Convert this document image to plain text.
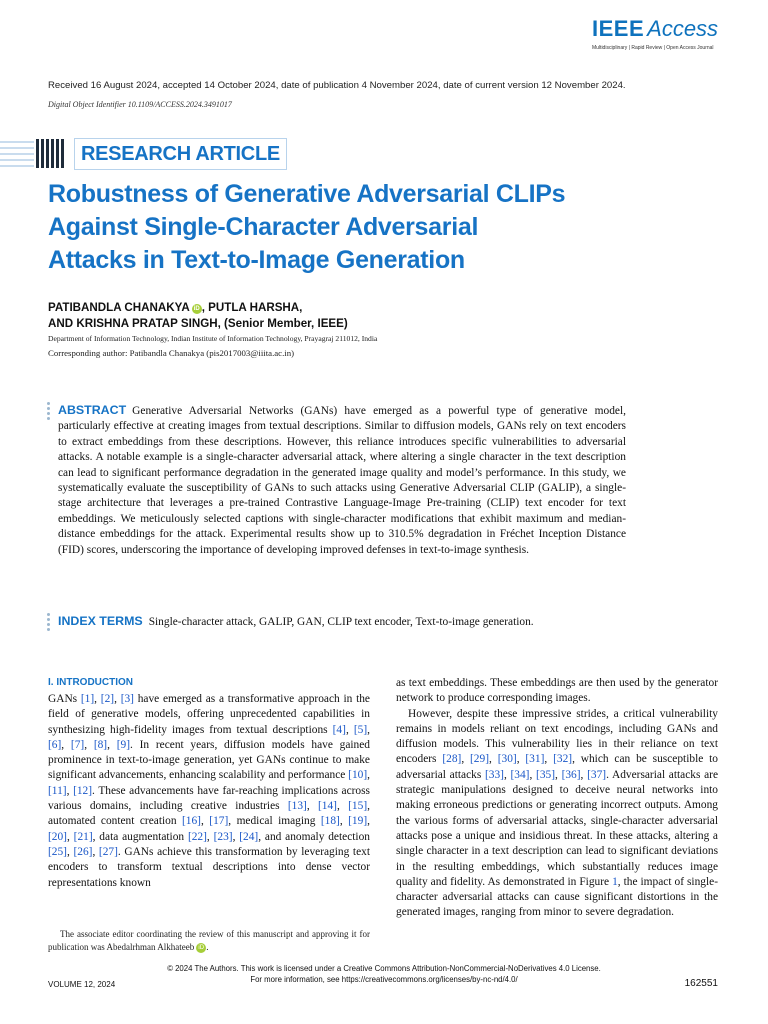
IEEE Access
Multidisciplinary | Rapid Review | Open Access Journal
Received 16 August 2024, accepted 14 October 2024, date of publication 4 November 2024, date of current version 12 November 2024.
Digital Object Identifier 10.1109/ACCESS.2024.3491017
RESEARCH ARTICLE
Robustness of Generative Adversarial CLIPs
Against Single-Character Adversarial
Attacks in Text-to-Image Generation
PATIBANDLA CHANAKYA iD , PUTLA HARSHA,
AND KRISHNA PRATAP SINGH, (Senior Member, IEEE)
Department of Information Technology, Indian Institute of Information Technology, Prayagraj 211012, India
Corresponding author: Patibandla Chanakya (pis2017003@iiita.ac.in)
ABSTRACT Generative Adversarial Networks (GANs) have emerged as a powerful type of generative model, particularly effective at creating images from textual descriptions. Similar to diffusion models, GANs rely on text encoders to extract embeddings from these descriptions. However, this reliance introduces specific vulnerabilities to adversarial attacks. A notable example is a single-character adversarial attack, where altering a single character in the text description can lead to significant performance degradation in the generated image quality and model’s performance. In this study, we systematically evaluate the susceptibility of GANs to such attacks using Generative Adversarial CLIP (GALIP), a single-stage architecture that leverages a pre-trained Contrastive Language-Image Pre-training (CLIP) text encoder for text embeddings. We meticulously selected captions with single-character modifications that exhibit maximum and median-distance embeddings for the attack. Experimental results show up to 310.5% degradation in Fréchet Inception Distance (FID) scores, underscoring the importance of developing improved defenses in text-to-image synthesis.
INDEX TERMS Single-character attack, GALIP, GAN, CLIP text encoder, Text-to-image generation.
I. INTRODUCTION

GANs [1], [2], [3] have emerged as a transformative approach in the field of generative models, offering unprecedented capabilities in synthesizing high-fidelity images from textual descriptions [4], [5], [6], [7], [8], [9]. In recent years, diffusion models have gained prominence in text-to-image generation, yet GANs continue to make significant advancements, enhancing scalability and performance [10], [11], [12]. These advancements have far-reaching implications across various domains, including creative industries [13], [14], [15], automated content creation [16], [17], medical imaging [18], [19], [20], [21], data augmentation [22], [23], [24], and anomaly detection [25], [26], [27]. GANs achieve this transformation by leveraging text encoders to transform textual descriptions into dense vector representations known

The associate editor coordinating the review of this manuscript and approving it for publication was Abedalrhman Alkhateeb iD .

as text embeddings. These embeddings are then used by the generator network to produce corresponding images.

However, despite these impressive strides, a critical vulnerability remains in models reliant on text encodings, including GANs and diffusion models. This vulnerability lies in their reliance on text encoders [28], [29], [30], [31], [32], which can be susceptible to adversarial attacks [33], [34], [35], [36], [37]. Adversarial attacks are strategic manipulations designed to deceive neural networks into making erroneous predictions or generating incorrect outputs. Among the various forms of adversarial attacks, single-character adversarial attacks pose a unique and insidious threat. In these attacks, altering a single character in a text description can lead to significant deviations in the resulting embeddings, which substantially reduces image quality and fidelity. As demonstrated in Figure 1, the impact of single-character adversarial attacks can cause significant distortions in the generated images, ranging from minor to severe degradation.

© 2024 The Authors. This work is licensed under a Creative Commons Attribution-NonCommercial-NoDerivatives 4.0 License.
For more information, see https://creativecommons.org/licenses/by-nc-nd/4.0/
VOLUME 12, 2024	162551
